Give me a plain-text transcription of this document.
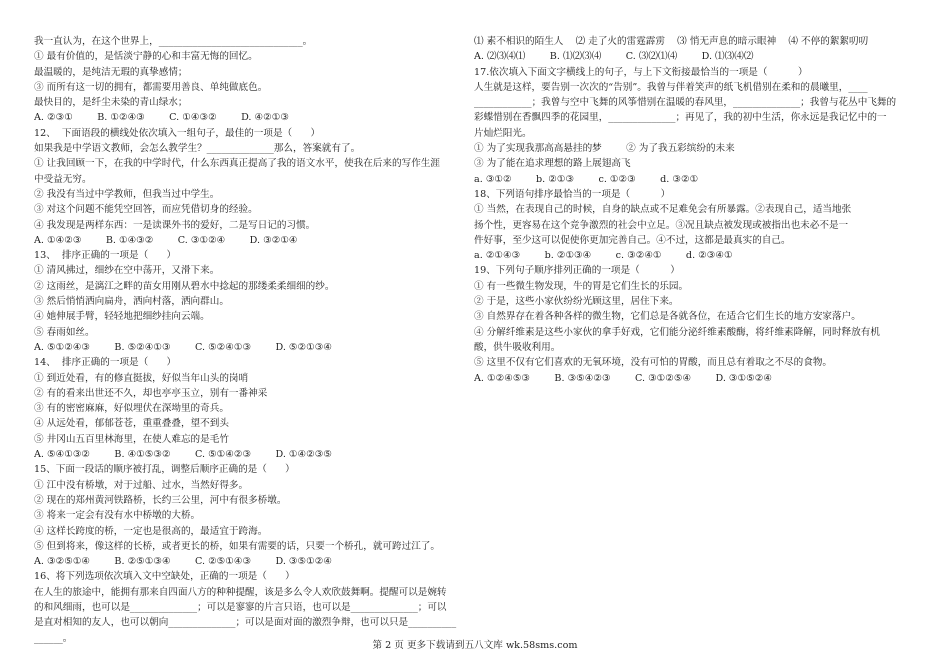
我一直认为，在这个世界上，______________________________。
① 最有价值的，是恬淡宁静的心和丰富无悔的回忆。
最温暖的，是纯洁无瑕的真挚感情；
③ 而所有这一切的拥有，都需要用善良、单纯做底色。
最快目的，是纤尘未染的青山绿水；
A. ②③①        B. ①②④③        C. ①④③②        D. ④②①③
12、  下面语段的横线处依次填入一组句子，最佳的一项是（      ）
如果我是中学语文教师，会怎么教学生？______________那么，答案就有了。
① 让我回顾一下，在我的中学时代，什么东西真正提高了我的语文水平，使我在后来的写作生涯
中受益无穷。
② 我没有当过中学教师，但我当过中学生。
③ 对这个问题不能凭空回答，而应凭借切身的经验。
④ 我发现是两样东西：一是读课外书的爱好，二是写日记的习惯。
A. ①④②③        B. ①④③②        C. ③①②④        D. ③②①④
13、  排序正确的一项是（      ）
① 清风拂过，细纱在空中荡开，又滑下来。
② 这雨丝，是漓江之畔的苗女用刚从碧水中捻起的那缕柔柔细细的纱。
③ 然后悄悄洒向扁舟，洒向村落，洒向群山。
④ 她伸展手臂，轻轻地把细纱挂向云端。
⑤ 春雨如丝。
A. ⑤①②④③        B. ⑤②④①③        C. ⑤②④①③        D. ⑤②①③④
14、  排序正确的一项是（      ）
① 到近处看，有的修直挺拔，好似当年山头的岗哨
② 有的看来出世还不久，却也亭亭玉立，别有一番神采
③ 有的密密麻麻，好似埋伏在深坳里的奇兵。
④ 从远处看，郁郁苍苍，重重叠叠，望不到头
⑤ 井冈山五百里林海里，在使人难忘的是毛竹
A. ⑤④①③②        B. ④①⑤③②        C. ⑤①④②③        D. ①④②③⑤
15、下面一段话的顺序被打乱，调整后顺序正确的是（      ）
① 江中没有桥墩，对于过船、过水，当然好得多。
② 现在的郑州黄河铁路桥，长约三公里，河中有很多桥墩。
③ 将来一定会有没有水中桥墩的大桥。
④ 这样长跨度的桥，一定也是很高的，最适宜于跨海。
⑤ 但到将来，像这样的长桥，或者更长的桥，如果有需要的话，只要一个桥孔，就可跨过江了。
A. ③②⑤①④        B. ②⑤①③④        C. ②⑤①④③        D. ③⑤①②④
16、将下列选项依次填入文中空缺处，正确的一项是（      ）
在人生的旅途中，能拥有那来自四面八方的种种提醒，该是多么令人欢欣鼓舞啊。提醒可以是婉转
的和风细雨，也可以是______________；可以是寥寥的片言只语，也可以是______________；可以
是直对相知的友人，也可以朝向______________；可以是面对面的激烈争辩，也可以只是__________
______。
⑴ 素不相识的陌生人    ⑵ 走了火的雷霆霹雳    ⑶ 悄无声息的暗示眼神    ⑷ 不停的絮絮叨叨
A. ⑵⑶⑷⑴        B. ⑴⑵⑶⑷        C. ⑶⑵⑴⑷        D. ⑴⑶⑷⑵
17.依次填入下面文字横线上的句子，与上下文衔接最恰当的一项是（          ）
人生就是这样，要告别一次次的“告别”。我曾与伴着笑声的纸飞机借别在柔和的晨曦里，____
____________；我曾与空中飞舞的风筝惜别在温暖的春风里，______________；我曾与花丛中飞舞的
彩蝶惜别在香飘四季的花园里，______________；再见了，我的初中生活，你永远是我记忆中的一
片灿烂阳光。
① 为了实现我那高高悬挂的梦        ② 为了我五彩缤纷的未来
③ 为了能在追求理想的路上展翅高飞
a. ③①②        b. ②①③        c. ①②③        d. ③②①
18、下列语句排序最恰当的一项是（          ）
① 当然，在表现自己的时候，自身的缺点或不足难免会有所暴露。②表现自己，适当地张
扬个性，更容易在这个竞争激烈的社会中立足。③况且缺点被发现或被指出也未必不是一
件好事，至少这可以促使你更加完善自己。④不过，这都是最真实的自己。
a. ②①④③        b. ②①③④        c. ③②④①        d. ②③④①
19、下列句子顺序排列正确的一项是（          ）
① 有一些微生物发现，牛的胃是它们生长的乐园。
② 于是，这些小家伙纷纷光顾这里，居住下来。
③ 自然界存在着各种各样的微生物，它们总是各就各位，在适合它们生长的地方安家落户。
④ 分解纤维素是这些小家伙的拿手好戏，它们能分泌纤维素酸酶，将纤维素降解，同时释放有机
酸，供牛吸收利用。
⑤ 这里不仅有它们喜欢的无氧环境，没有可怕的胃酸，而且总有着取之不尽的食物。
A. ①②④⑤③        B. ③⑤④②③        C. ③①②⑤④        D. ③①⑤②④
第 2 页 更多下载请到五八文库 wk.58sms.com
